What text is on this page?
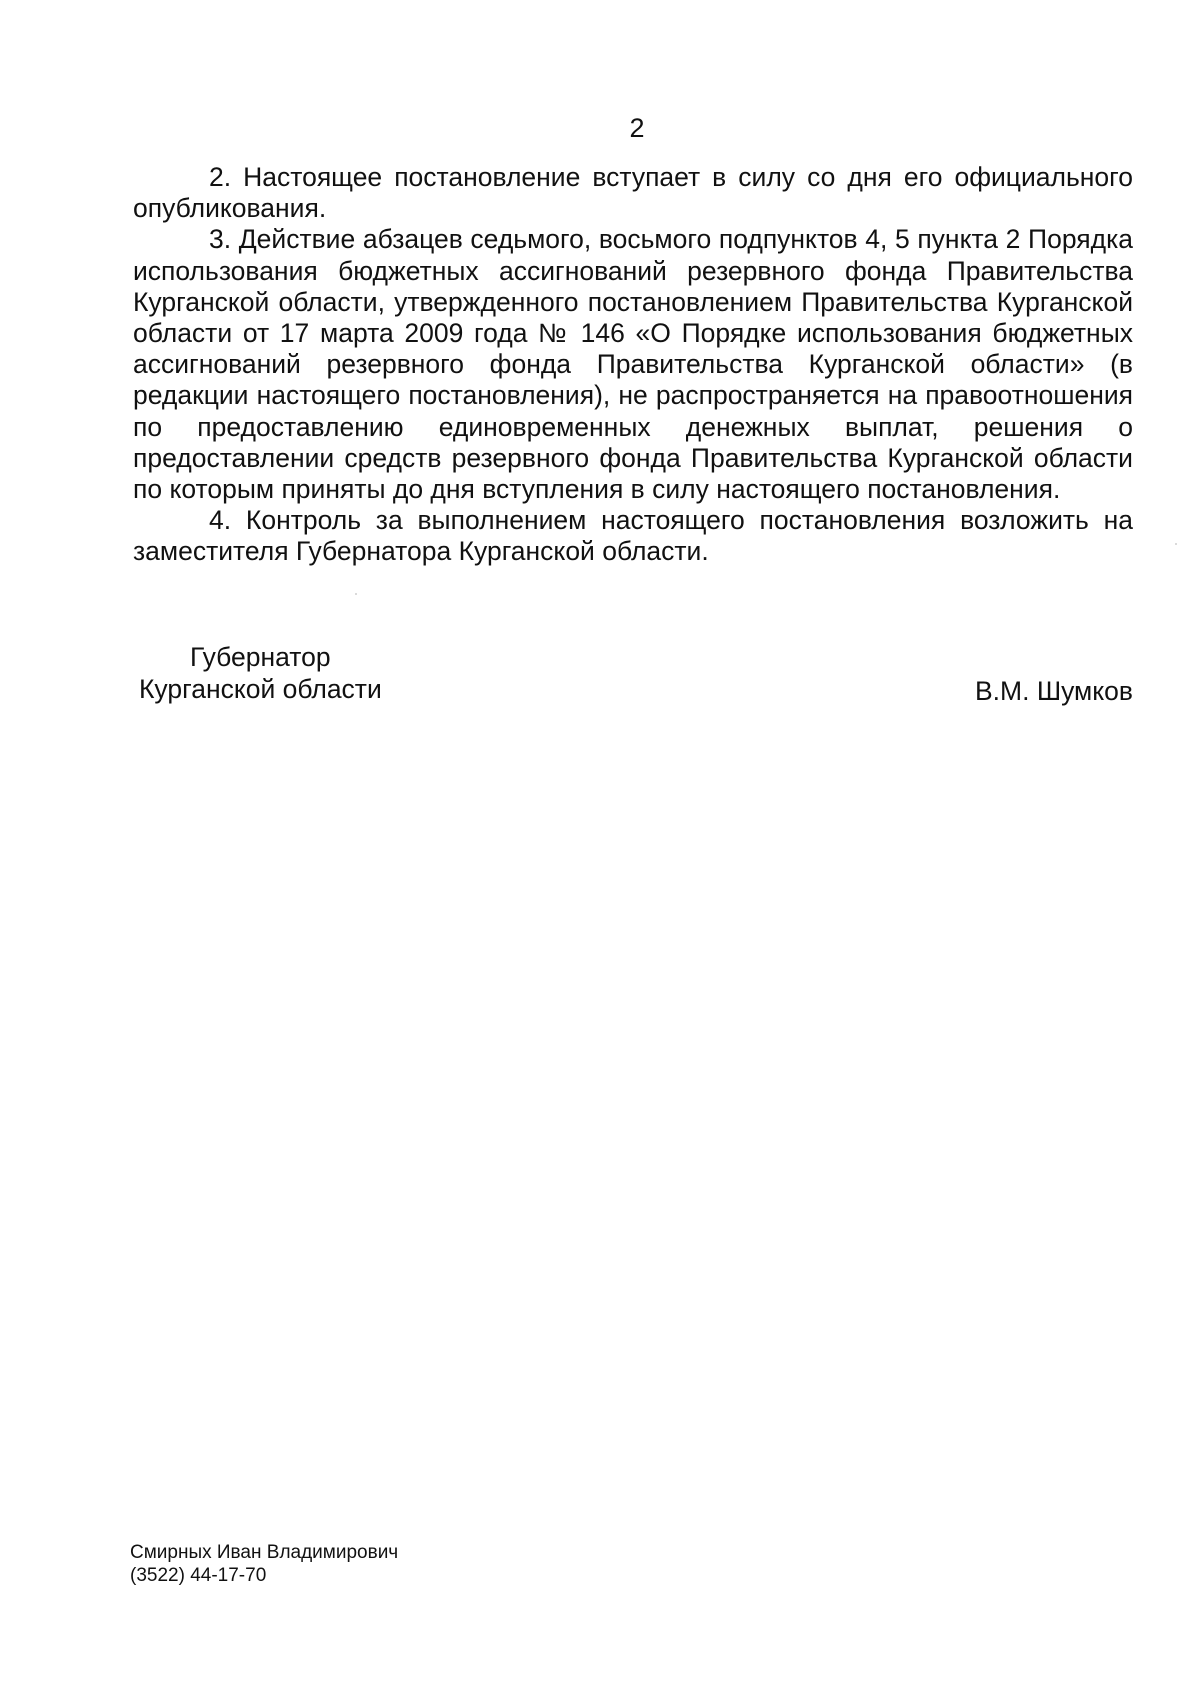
2

2. Настоящее постановление вступает в силу со дня его официального опубликования.

3. Действие абзацев седьмого, восьмого подпунктов 4, 5 пункта 2 Порядка использования бюджетных ассигнований резервного фонда Правительства Курганской области, утвержденного постановлением Правительства Курганской области от 17 марта 2009 года № 146 «О Порядке использования бюджетных ассигнований резервного фонда Правительства Курганской области» (в редакции настоящего постановления), не распространяется на правоотношения по предоставлению единовременных денежных выплат, решения о предоставлении средств резервного фонда Правительства Курганской области по которым приняты до дня вступления в силу настоящего постановления.

4. Контроль за выполнением настоящего постановления возложить на заместителя Губернатора Курганской области.

Губернатор
Курганской области	В.М. Шумков
Смирных Иван Владимирович
(3522) 44-17-70
